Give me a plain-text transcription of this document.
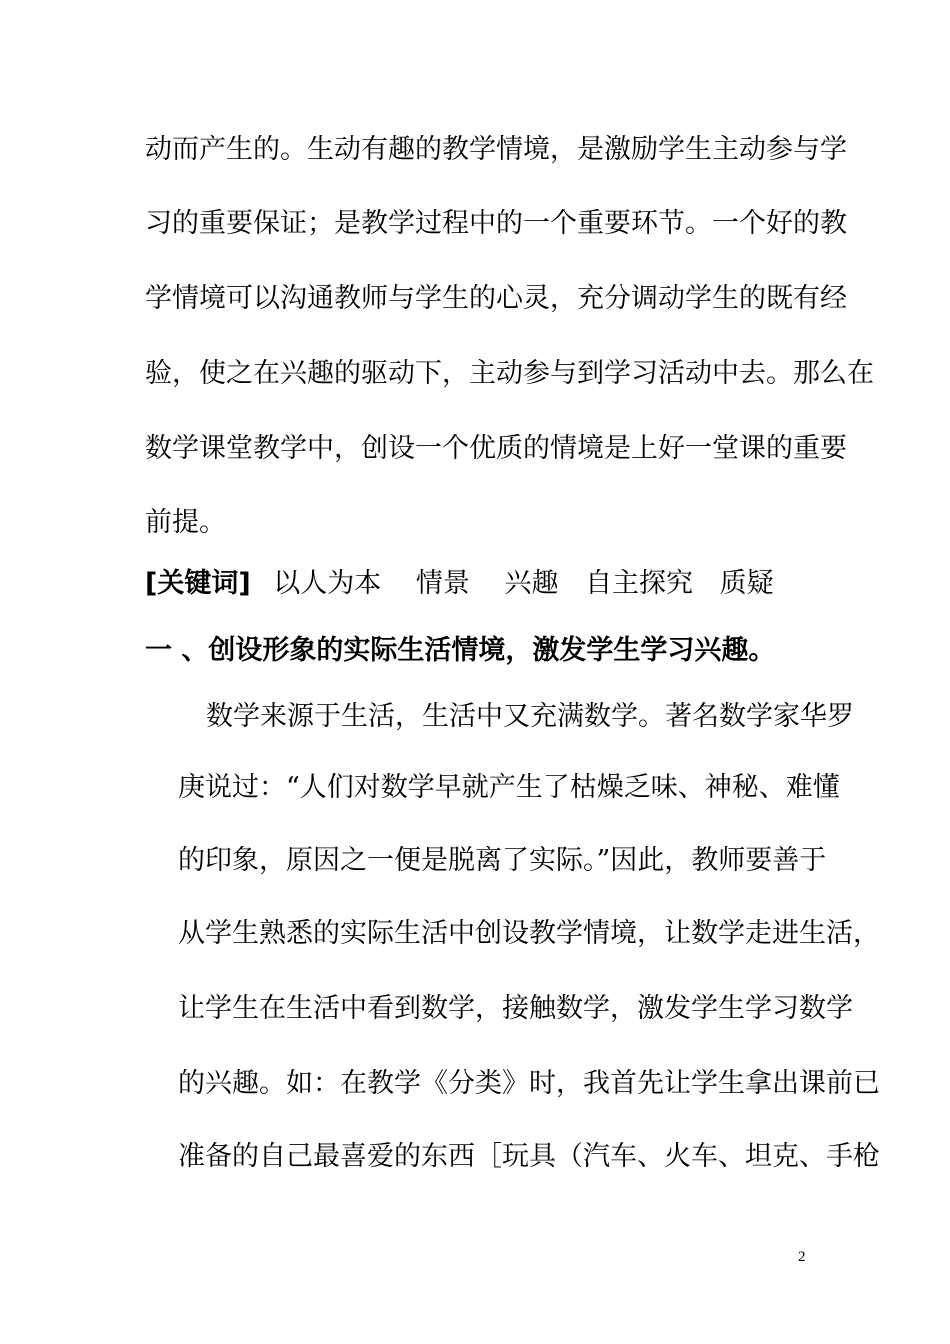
动而产生的。生动有趣的教学情境，是激励学生主动参与学
习的重要保证；是教学过程中的一个重要环节。一个好的教
学情境可以沟通教师与学生的心灵，充分调动学生的既有经
验，使之在兴趣的驱动下，主动参与到学习活动中去。那么在
数学课堂教学中，创设一个优质的情境是上好一堂课的重要
前提。
[关键词] 以人为本 情景 兴趣 自主探究 质疑
一 、创设形象的实际生活情境，激发学生学习兴趣。
数学来源于生活，生活中又充满数学。著名数学家华罗
庚说过：“人们对数学早就产生了枯燥乏味、神秘、难懂
的印象，原因之一便是脱离了实际。”因此，教师要善于
从学生熟悉的实际生活中创设教学情境，让数学走进生活，
让学生在生活中看到数学，接触数学，激发学生学习数学
的兴趣。如：在教学《分类》时，我首先让学生拿出课前已
准备的自己最喜爱的东西［玩具（汽车、火车、坦克、手枪
2
